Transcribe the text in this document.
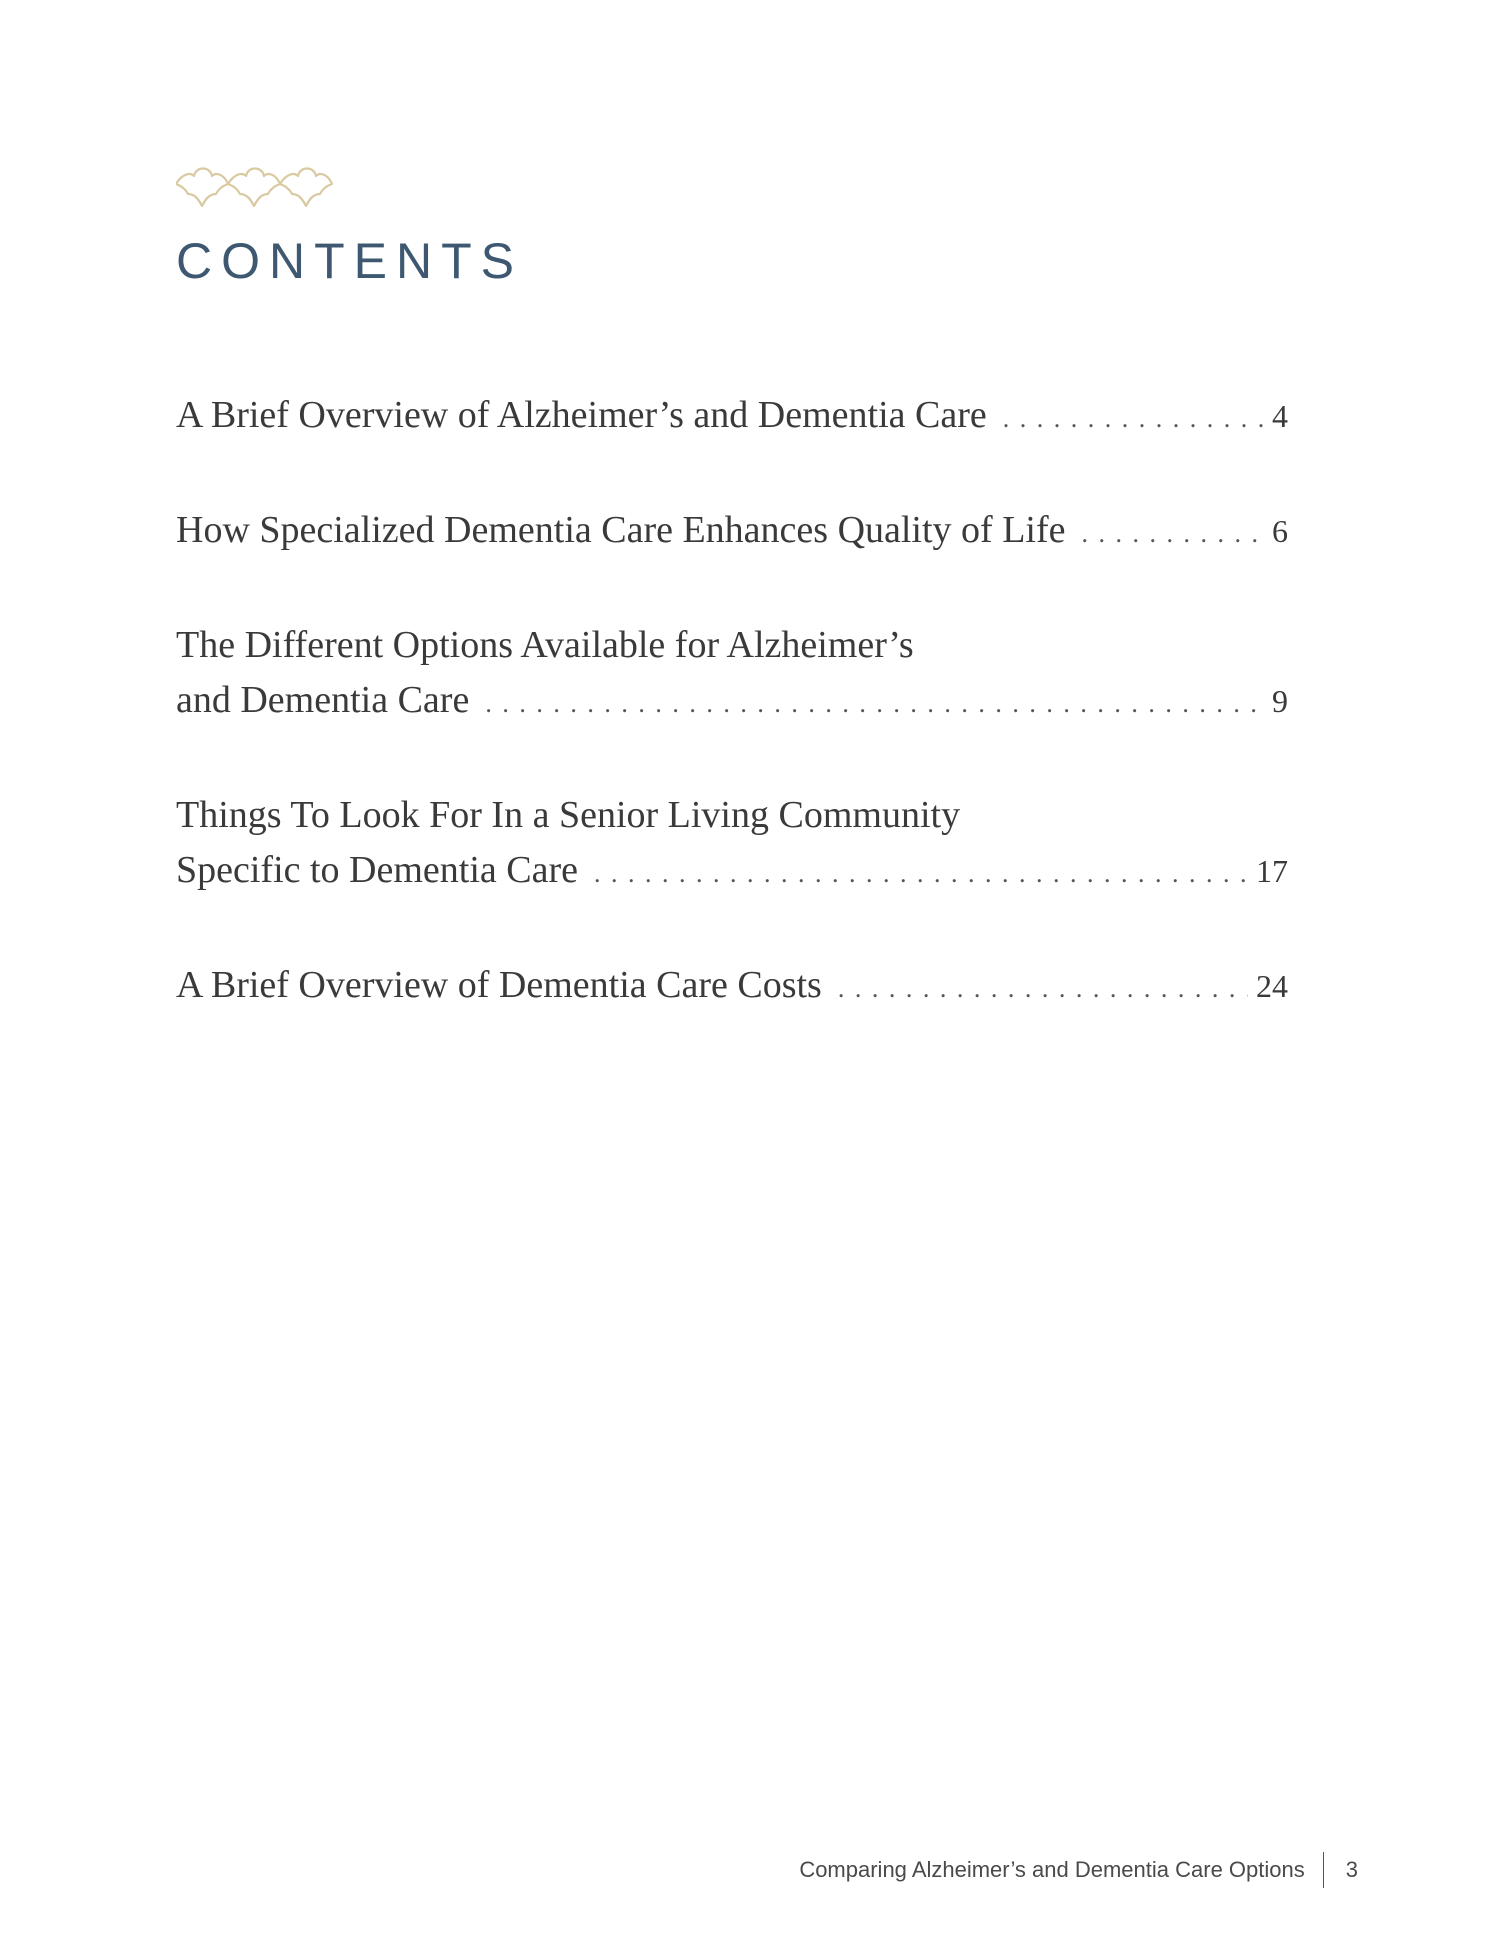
CONTENTS
A Brief Overview of Alzheimer’s and Dementia Care . . .	4
How Specialized Dementia Care Enhances Quality of Life . . .	6
The Different Options Available for Alzheimer’s
and Dementia Care . . .	9
Things To Look For In a Senior Living Community
Specific to Dementia Care . . .	17
A Brief Overview of Dementia Care Costs . . .	24
Comparing Alzheimer’s and Dementia Care Options 3
